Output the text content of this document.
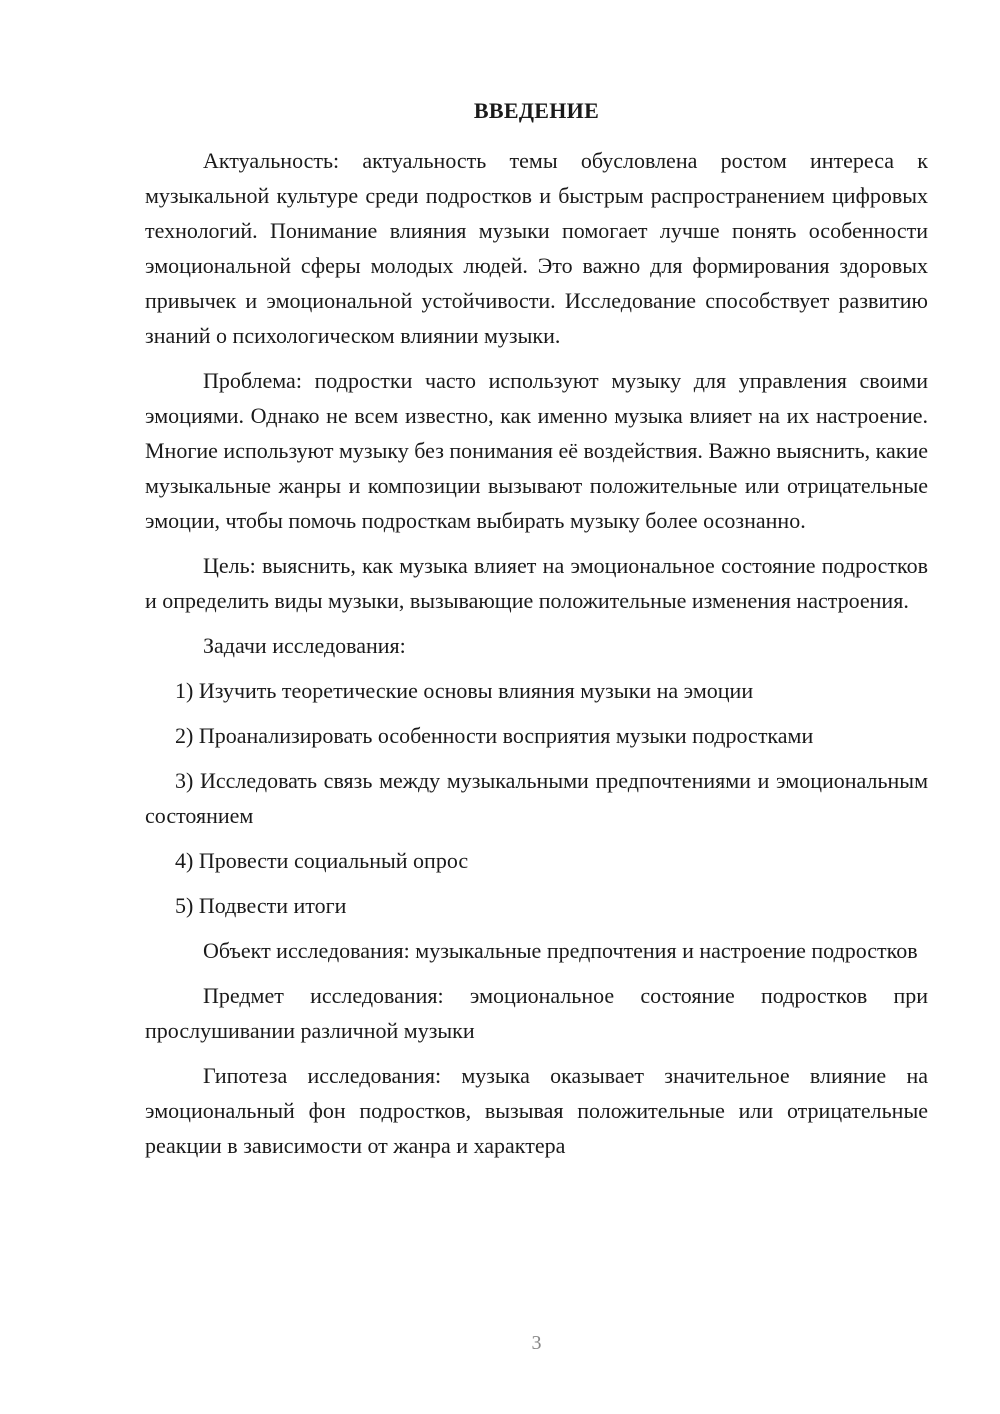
ВВЕДЕНИЕ

Актуальность: актуальность темы обусловлена ростом интереса к музыкальной культуре среди подростков и быстрым распространением цифровых технологий. Понимание влияния музыки помогает лучше понять особенности эмоциональной сферы молодых людей. Это важно для формирования здоровых привычек и эмоциональной устойчивости. Исследование способствует развитию знаний о психологическом влиянии музыки.

Проблема: подростки часто используют музыку для управления своими эмоциями. Однако не всем известно, как именно музыка влияет на их настроение. Многие используют музыку без понимания её воздействия. Важно выяснить, какие музыкальные жанры и композиции вызывают положительные или отрицательные эмоции, чтобы помочь подросткам выбирать музыку более осознанно.

Цель: выяснить, как музыка влияет на эмоциональное состояние подростков и определить виды музыки, вызывающие положительные изменения настроения.

Задачи исследования:

1) Изучить теоретические основы влияния музыки на эмоции

2) Проанализировать особенности восприятия музыки подростками

3) Исследовать связь между музыкальными предпочтениями и эмоциональным состоянием

4) Провести социальный опрос

5) Подвести итоги

Объект исследования: музыкальные предпочтения и настроение подростков

Предмет исследования: эмоциональное состояние подростков при прослушивании различной музыки

Гипотеза исследования: музыка оказывает значительное влияние на эмоциональный фон подростков, вызывая положительные или отрицательные реакции в зависимости от жанра и характера

3
